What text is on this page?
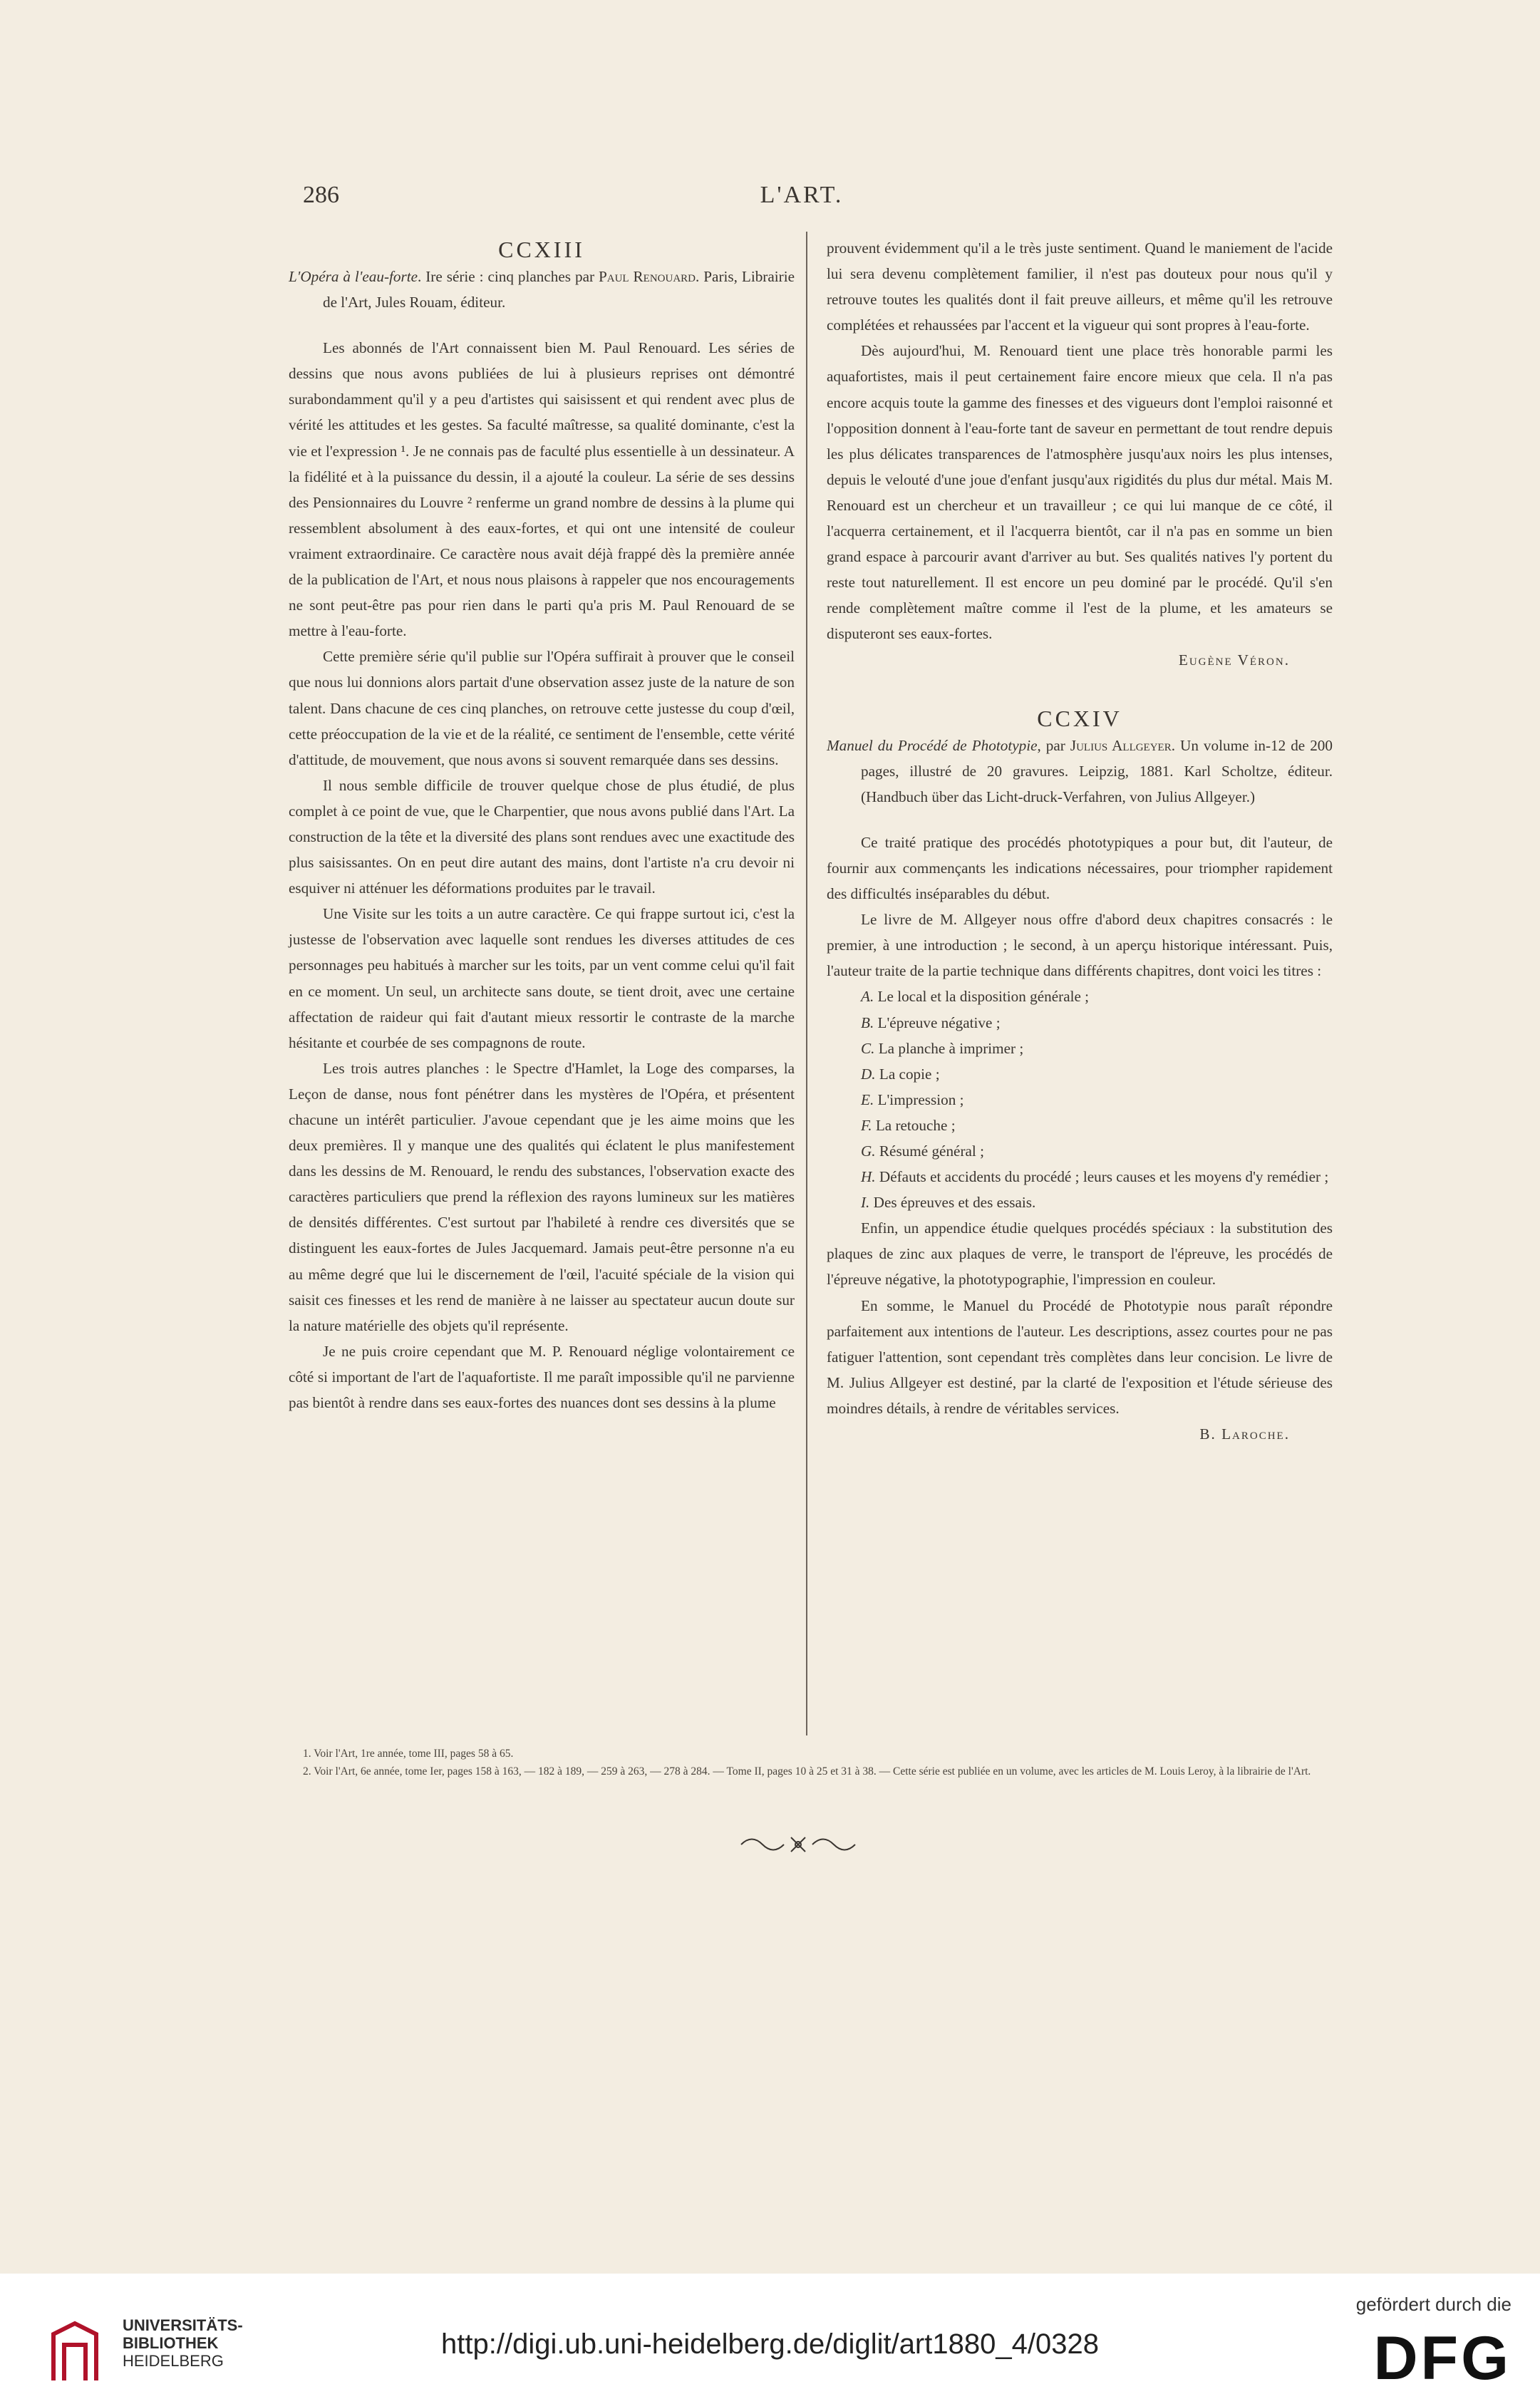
286	L'ART.

CCXIII

L'Opéra à l'eau-forte. Ire série : cinq planches par Paul Renouard. Paris, Librairie de l'Art, Jules Rouam, éditeur.

Les abonnés de l'Art connaissent bien M. Paul Renouard. Les séries de dessins que nous avons publiées de lui à plusieurs reprises ont démontré surabondamment qu'il y a peu d'artistes qui saisissent et qui rendent avec plus de vérité les attitudes et les gestes. Sa faculté maîtresse, sa qualité dominante, c'est la vie et l'expression ¹. Je ne connais pas de faculté plus essentielle à un dessinateur. A la fidélité et à la puissance du dessin, il a ajouté la couleur. La série de ses dessins des Pensionnaires du Louvre ² renferme un grand nombre de dessins à la plume qui ressemblent absolument à des eaux-fortes, et qui ont une intensité de couleur vraiment extraordinaire. Ce caractère nous avait déjà frappé dès la première année de la publication de l'Art, et nous nous plaisons à rappeler que nos encouragements ne sont peut-être pas pour rien dans le parti qu'a pris M. Paul Renouard de se mettre à l'eau-forte.

Cette première série qu'il publie sur l'Opéra suffirait à prouver que le conseil que nous lui donnions alors partait d'une observation assez juste de la nature de son talent. Dans chacune de ces cinq planches, on retrouve cette justesse du coup d'œil, cette préoccupation de la vie et de la réalité, ce sentiment de l'ensemble, cette vérité d'attitude, de mouvement, que nous avons si souvent remarquée dans ses dessins.

Il nous semble difficile de trouver quelque chose de plus étudié, de plus complet à ce point de vue, que le Charpentier, que nous avons publié dans l'Art. La construction de la tête et la diversité des plans sont rendues avec une exactitude des plus saisissantes. On en peut dire autant des mains, dont l'artiste n'a cru devoir ni esquiver ni atténuer les déformations produites par le travail.

Une Visite sur les toits a un autre caractère. Ce qui frappe surtout ici, c'est la justesse de l'observation avec laquelle sont rendues les diverses attitudes de ces personnages peu habitués à marcher sur les toits, par un vent comme celui qu'il fait en ce moment. Un seul, un architecte sans doute, se tient droit, avec une certaine affectation de raideur qui fait d'autant mieux ressortir le contraste de la marche hésitante et courbée de ses compagnons de route.

Les trois autres planches : le Spectre d'Hamlet, la Loge des comparses, la Leçon de danse, nous font pénétrer dans les mystères de l'Opéra, et présentent chacune un intérêt particulier. J'avoue cependant que je les aime moins que les deux premières. Il y manque une des qualités qui éclatent le plus manifestement dans les dessins de M. Renouard, le rendu des substances, l'observation exacte des caractères particuliers que prend la réflexion des rayons lumineux sur les matières de densités différentes. C'est surtout par l'habileté à rendre ces diversités que se distinguent les eaux-fortes de Jules Jacquemard. Jamais peut-être personne n'a eu au même degré que lui le discernement de l'œil, l'acuité spéciale de la vision qui saisit ces finesses et les rend de manière à ne laisser au spectateur aucun doute sur la nature matérielle des objets qu'il représente.

Je ne puis croire cependant que M. P. Renouard néglige volontairement ce côté si important de l'art de l'aquafortiste. Il me paraît impossible qu'il ne parvienne pas bientôt à rendre dans ses eaux-fortes des nuances dont ses dessins à la plume

prouvent évidemment qu'il a le très juste sentiment. Quand le maniement de l'acide lui sera devenu complètement familier, il n'est pas douteux pour nous qu'il y retrouve toutes les qualités dont il fait preuve ailleurs, et même qu'il les retrouve complétées et rehaussées par l'accent et la vigueur qui sont propres à l'eau-forte.

Dès aujourd'hui, M. Renouard tient une place très honorable parmi les aquafortistes, mais il peut certainement faire encore mieux que cela. Il n'a pas encore acquis toute la gamme des finesses et des vigueurs dont l'emploi raisonné et l'opposition donnent à l'eau-forte tant de saveur en permettant de tout rendre depuis les plus délicates transparences de l'atmosphère jusqu'aux noirs les plus intenses, depuis le velouté d'une joue d'enfant jusqu'aux rigidités du plus dur métal. Mais M. Renouard est un chercheur et un travailleur ; ce qui lui manque de ce côté, il l'acquerra certainement, et il l'acquerra bientôt, car il n'a pas en somme un bien grand espace à parcourir avant d'arriver au but. Ses qualités natives l'y portent du reste tout naturellement. Il est encore un peu dominé par le procédé. Qu'il s'en rende complètement maître comme il l'est de la plume, et les amateurs se disputeront ses eaux-fortes.

Eugène Véron.

CCXIV

Manuel du Procédé de Phototypie, par Julius Allgeyer. Un volume in-12 de 200 pages, illustré de 20 gravures. Leipzig, 1881. Karl Scholtze, éditeur. (Handbuch über das Licht-druck-Verfahren, von Julius Allgeyer.)

Ce traité pratique des procédés phototypiques a pour but, dit l'auteur, de fournir aux commençants les indications nécessaires, pour triompher rapidement des difficultés inséparables du début.

Le livre de M. Allgeyer nous offre d'abord deux chapitres consacrés : le premier, à une introduction ; le second, à un aperçu historique intéressant. Puis, l'auteur traite de la partie technique dans différents chapitres, dont voici les titres :

A. Le local et la disposition générale ;

B. L'épreuve négative ;

C. La planche à imprimer ;

D. La copie ;

E. L'impression ;

F. La retouche ;

G. Résumé général ;

H. Défauts et accidents du procédé ; leurs causes et les moyens d'y remédier ;

I. Des épreuves et des essais.

Enfin, un appendice étudie quelques procédés spéciaux : la substitution des plaques de zinc aux plaques de verre, le transport de l'épreuve, les procédés de l'épreuve négative, la phototypographie, l'impression en couleur.

En somme, le Manuel du Procédé de Phototypie nous paraît répondre parfaitement aux intentions de l'auteur. Les descriptions, assez courtes pour ne pas fatiguer l'attention, sont cependant très complètes dans leur concision. Le livre de M. Julius Allgeyer est destiné, par la clarté de l'exposition et l'étude sérieuse des moindres détails, à rendre de véritables services.

B. Laroche.

1. Voir l'Art, 1re année, tome III, pages 58 à 65.

2. Voir l'Art, 6e année, tome Ier, pages 158 à 163, — 182 à 189, — 259 à 263, — 278 à 284. — Tome II, pages 10 à 25 et 31 à 38. — Cette série est publiée en un volume, avec les articles de M. Louis Leroy, à la librairie de l'Art.

UNIVERSITÄTS-
BIBLIOTHEK
HEIDELBERG
http://digi.ub.uni-heidelberg.de/diglit/art1880_4/0328
gefördert durch die
DFG
